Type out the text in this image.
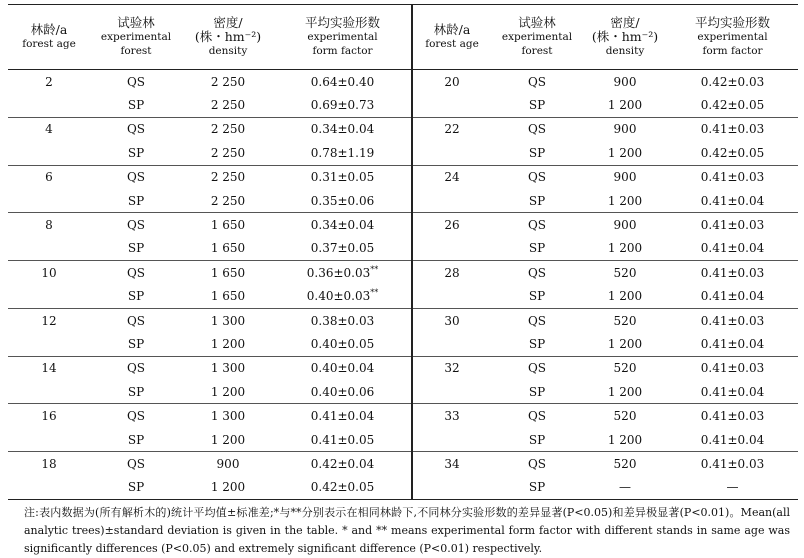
林龄/a
forest age	试验林
experimental
forest	密度/
(株・hm⁻²)
density	平均实验形数
experimental
form factor

2	QS	2 250	0.64±0.40
	SP	2 250	0.69±0.73
4	QS	2 250	0.34±0.04
	SP	2 250	0.78±1.19
6	QS	2 250	0.31±0.05
	SP	2 250	0.35±0.06
8	QS	1 650	0.34±0.04
	SP	1 650	0.37±0.05
10	QS	1 650	0.36±0.03**
	SP	1 650	0.40±0.03**
12	QS	1 300	0.38±0.03
	SP	1 200	0.40±0.05
14	QS	1 300	0.40±0.04
	SP	1 200	0.40±0.06
16	QS	1 300	0.41±0.04
	SP	1 200	0.41±0.05
18	QS	900	0.42±0.04
	SP	1 200	0.42±0.05
林龄/a
forest age	试验林
experimental
forest	密度/
(株・hm⁻²)
density	平均实验形数
experimental
form factor

20	QS	900	0.42±0.03
	SP	1 200	0.42±0.05
22	QS	900	0.41±0.03
	SP	1 200	0.42±0.05
24	QS	900	0.41±0.03
	SP	1 200	0.41±0.04
26	QS	900	0.41±0.03
	SP	1 200	0.41±0.04
28	QS	520	0.41±0.03
	SP	1 200	0.41±0.04
30	QS	520	0.41±0.03
	SP	1 200	0.41±0.04
32	QS	520	0.41±0.03
	SP	1 200	0.41±0.04
33	QS	520	0.41±0.03
	SP	1 200	0.41±0.04
34	QS	520	0.41±0.03
	SP	—	—
注:表内数据为(所有解析木的)统计平均值±标准差;*与**分别表示在相同林龄下,不同林分实验形数的差异显著(P<0.05)和差异极显著(P<0.01)。Mean(all analytic trees)±standard deviation is given in the table. * and ** means experimental form factor with different stands in same age was significantly differences (P<0.05) and extremely significant difference (P<0.01) respectively.
